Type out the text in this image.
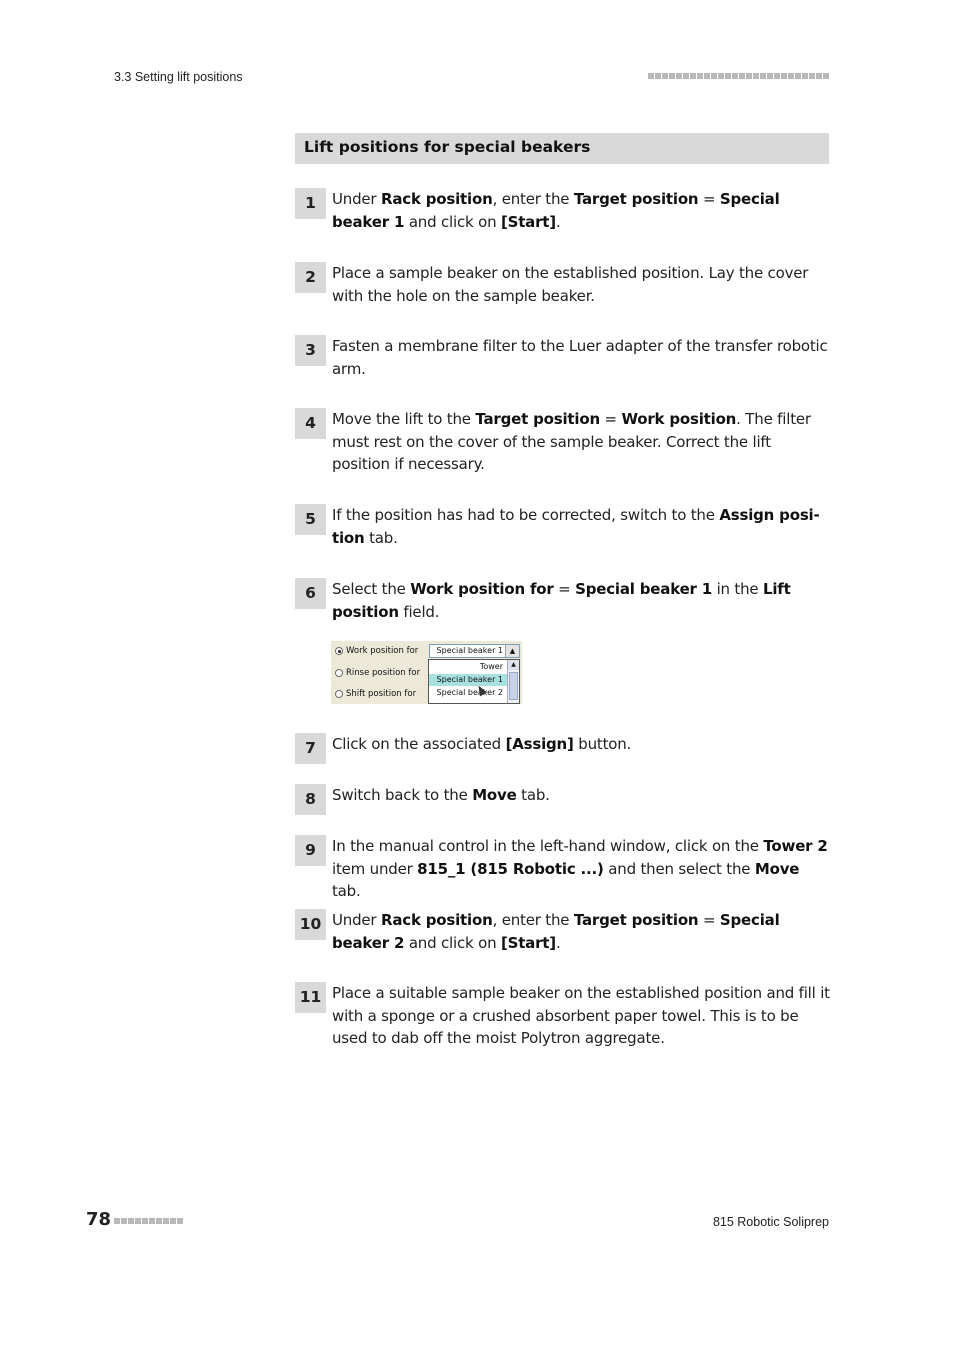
3.3 Setting lift positions
Lift positions for special beakers
1	Under Rack position, enter the Target position = Special beaker 1 and click on [Start].
2	Place a sample beaker on the established position. Lay the cover with the hole on the sample beaker.
3	Fasten a membrane filter to the Luer adapter of the transfer robotic arm.
4	Move the lift to the Target position = Work position. The filter must rest on the cover of the sample beaker. Correct the lift position if necessary.
5	If the position has had to be corrected, switch to the Assign position tab.
6	Select the Work position for = Special beaker 1 in the Lift position field.
7	Click on the associated [Assign] button.
8	Switch back to the Move tab.
9	In the manual control in the left-hand window, click on the Tower 2 item under 815_1 (815 Robotic ...) and then select the Move tab.
10 Under Rack position, enter the Target position = Special beaker 2 and click on [Start].
11 Place a suitable sample beaker on the established position and fill it with a sponge or a crushed absorbent paper towel. This is to be used to dab off the moist Polytron aggregate.
Work position for
Rinse position for
Shift position for
Special beaker 1 ▲
Tower
Special beaker 1
Special beaker 2
▲
78	815 Robotic Soliprep
